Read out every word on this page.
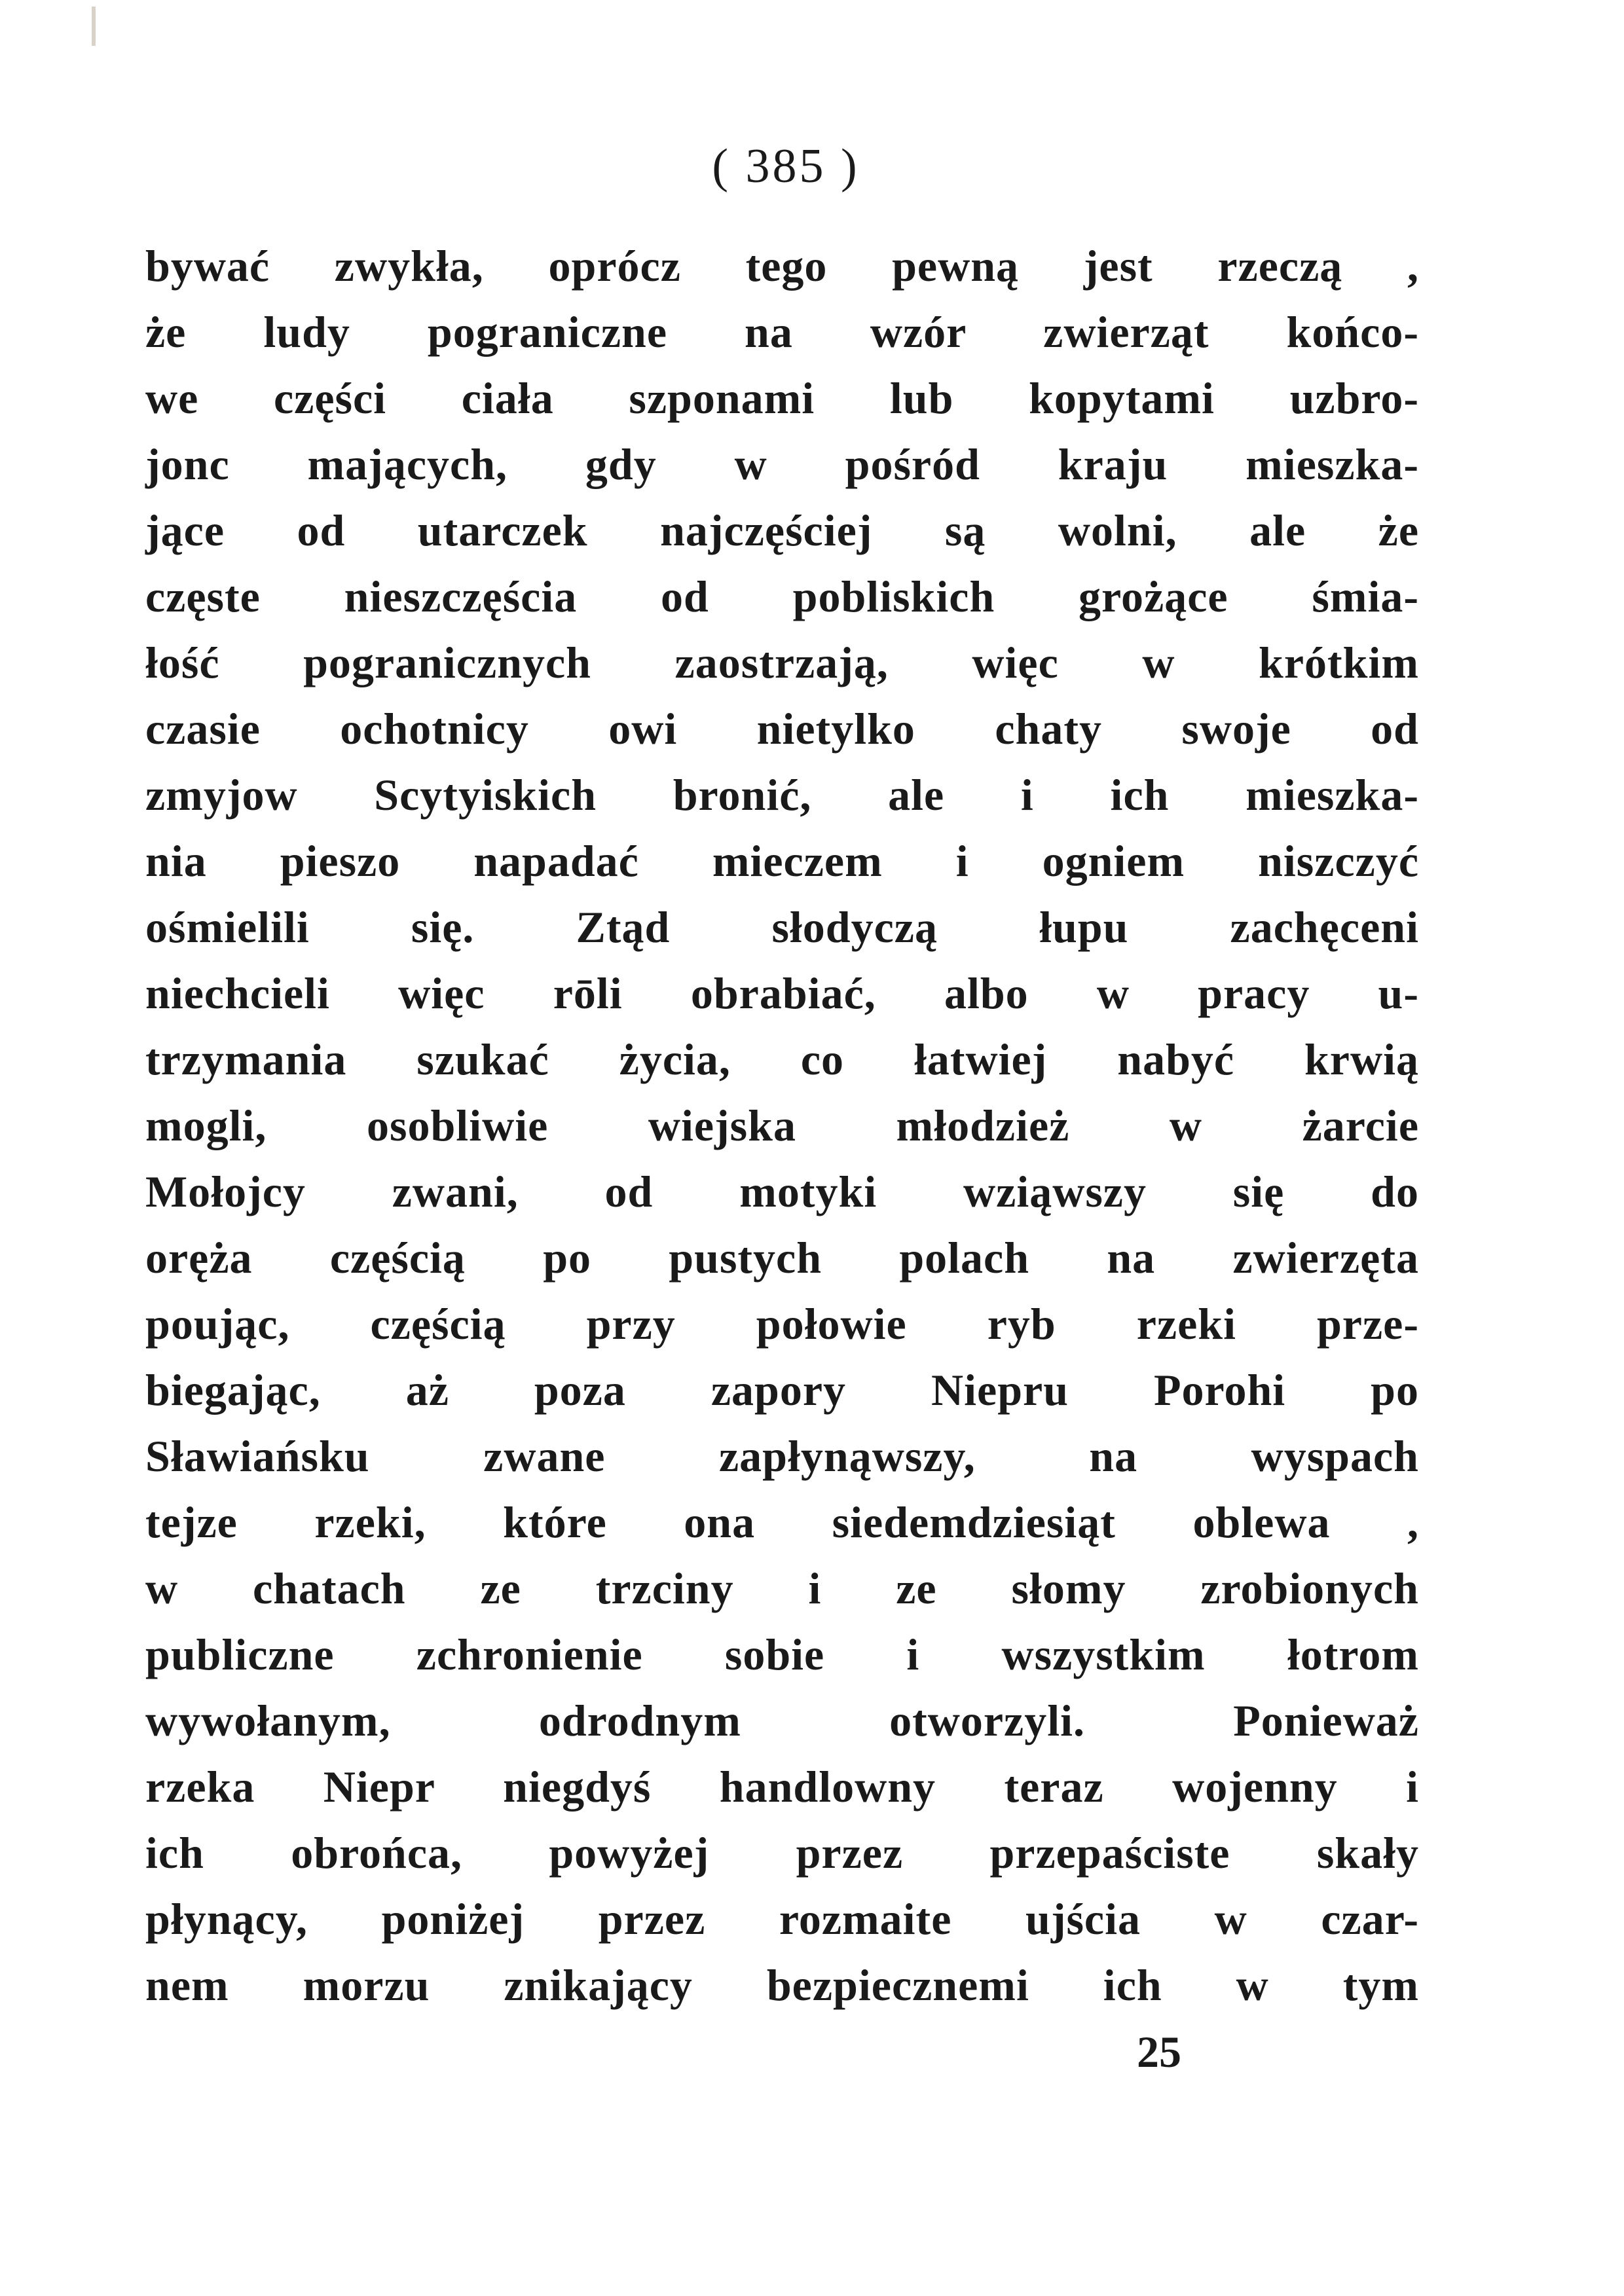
( 385 )
bywać zwykła, oprócz tego pewną jest rzeczą ,
że ludy pograniczne na wzór zwierząt końco-
we części ciała szponami lub kopytami uzbro-
jonc mających, gdy w pośród kraju mieszka-
jące od utarczek najczęściej są wolni, ale że
częste nieszczęścia od pobliskich grożące śmia-
łość pogranicznych zaostrzają, więc w krótkim
czasie ochotnicy owi nietylko chaty swoje od
zmyjow Scytyiskich bronić, ale i ich mieszka-
nia pieszo napadać mieczem i ogniem niszczyć
ośmielili się. Ztąd słodyczą łupu zachęceni
niechcieli więc rōli obrabiać, albo w pracy u-
trzymania szukać życia, co łatwiej nabyć krwią
mogli, osobliwie wiejska młodzież w żarcie
Mołojcy zwani, od motyki wziąwszy się do
oręża częścią po pustych polach na zwierzęta
poując, częścią przy połowie ryb rzeki prze-
biegając, aż poza zapory Niepru Porohi po
Sławiańsku zwane zapłynąwszy, na wyspach
tejze rzeki, które ona siedemdziesiąt oblewa ,
w chatach ze trzciny i ze słomy zrobionych
publiczne zchronienie sobie i wszystkim łotrom
wywołanym, odrodnym otworzyli. Ponieważ
rzeka Niepr niegdyś handlowny teraz wojenny i
ich obrońca, powyżej przez przepaściste skały
płynący, poniżej przez rozmaite ujścia w czar-
nem morzu znikający bezpiecznemi ich w tym
25
